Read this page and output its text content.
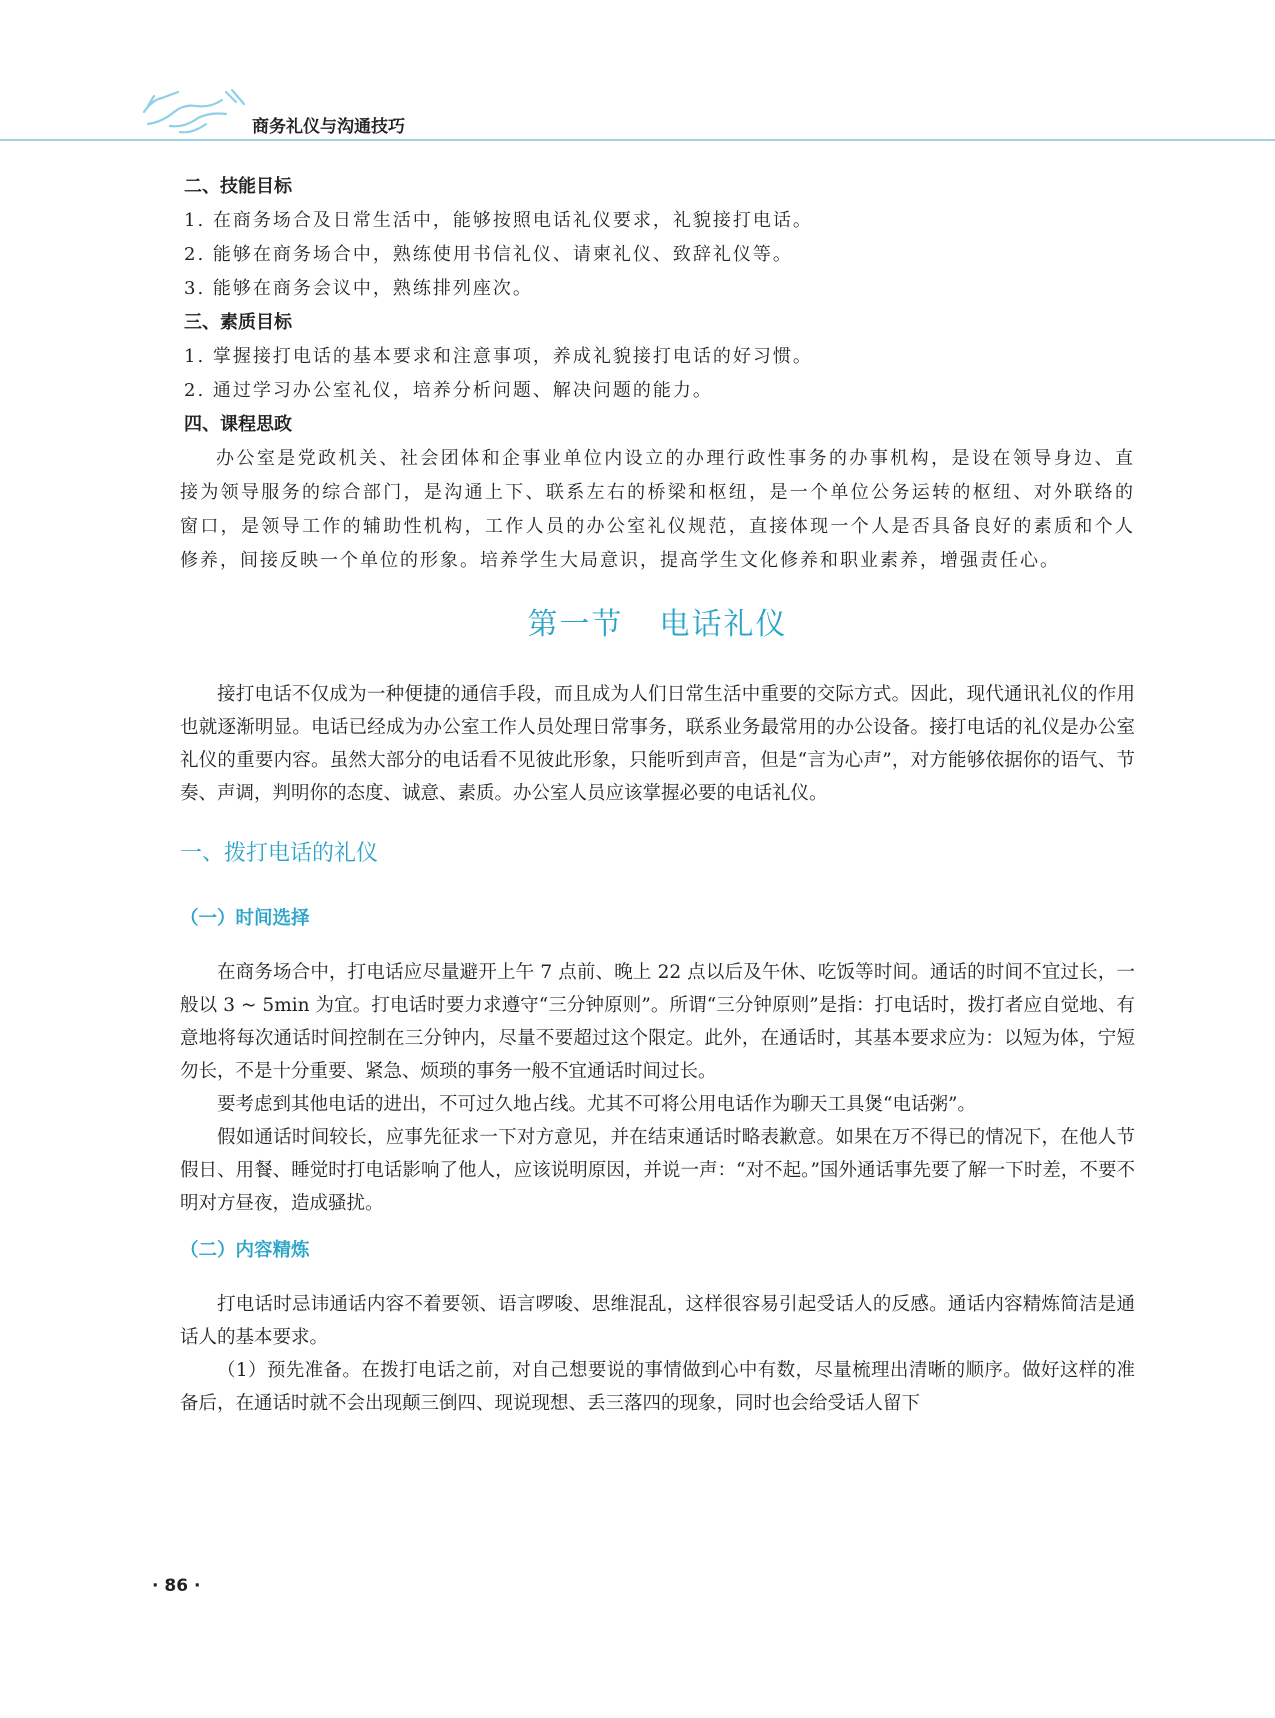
商务礼仪与沟通技巧

二、技能目标

1. 在商务场合及日常生活中，能够按照电话礼仪要求，礼貌接打电话。

2. 能够在商务场合中，熟练使用书信礼仪、请柬礼仪、致辞礼仪等。

3. 能够在商务会议中，熟练排列座次。

三、素质目标

1. 掌握接打电话的基本要求和注意事项，养成礼貌接打电话的好习惯。

2. 通过学习办公室礼仪，培养分析问题、解决问题的能力。

四、课程思政

办公室是党政机关、社会团体和企事业单位内设立的办理行政性事务的办事机构，是设在领导身边、直接为领导服务的综合部门，是沟通上下、联系左右的桥梁和枢纽，是一个单位公务运转的枢纽、对外联络的窗口，是领导工作的辅助性机构，工作人员的办公室礼仪规范，直接体现一个人是否具备良好的素质和个人修养，间接反映一个单位的形象。培养学生大局意识，提高学生文化修养和职业素养，增强责任心。

第一节 电话礼仪

接打电话不仅成为一种便捷的通信手段，而且成为人们日常生活中重要的交际方式。因此，现代通讯礼仪的作用也就逐渐明显。电话已经成为办公室工作人员处理日常事务，联系业务最常用的办公设备。接打电话的礼仪是办公室礼仪的重要内容。虽然大部分的电话看不见彼此形象，只能听到声音，但是“言为心声”，对方能够依据你的语气、节奏、声调，判明你的态度、诚意、素质。办公室人员应该掌握必要的电话礼仪。

一、拨打电话的礼仪
（一）时间选择

在商务场合中，打电话应尽量避开上午 7 点前、晚上 22 点以后及午休、吃饭等时间。通话的时间不宜过长，一般以 3 ~ 5min 为宜。打电话时要力求遵守“三分钟原则”。所谓“三分钟原则”是指：打电话时，拨打者应自觉地、有意地将每次通话时间控制在三分钟内，尽量不要超过这个限定。此外，在通话时，其基本要求应为：以短为体，宁短勿长，不是十分重要、紧急、烦琐的事务一般不宜通话时间过长。

要考虑到其他电话的进出，不可过久地占线。尤其不可将公用电话作为聊天工具煲“电话粥”。

假如通话时间较长，应事先征求一下对方意见，并在结束通话时略表歉意。如果在万不得已的情况下，在他人节假日、用餐、睡觉时打电话影响了他人，应该说明原因，并说一声：“对不起。”国外通话事先要了解一下时差，不要不明对方昼夜，造成骚扰。

（二）内容精炼

打电话时忌讳通话内容不着要领、语言啰唆、思维混乱，这样很容易引起受话人的反感。通话内容精炼简洁是通话人的基本要求。

（1）预先准备。在拨打电话之前，对自己想要说的事情做到心中有数，尽量梳理出清晰的顺序。做好这样的准备后，在通话时就不会出现颠三倒四、现说现想、丢三落四的现象，同时也会给受话人留下

· 86 ·
